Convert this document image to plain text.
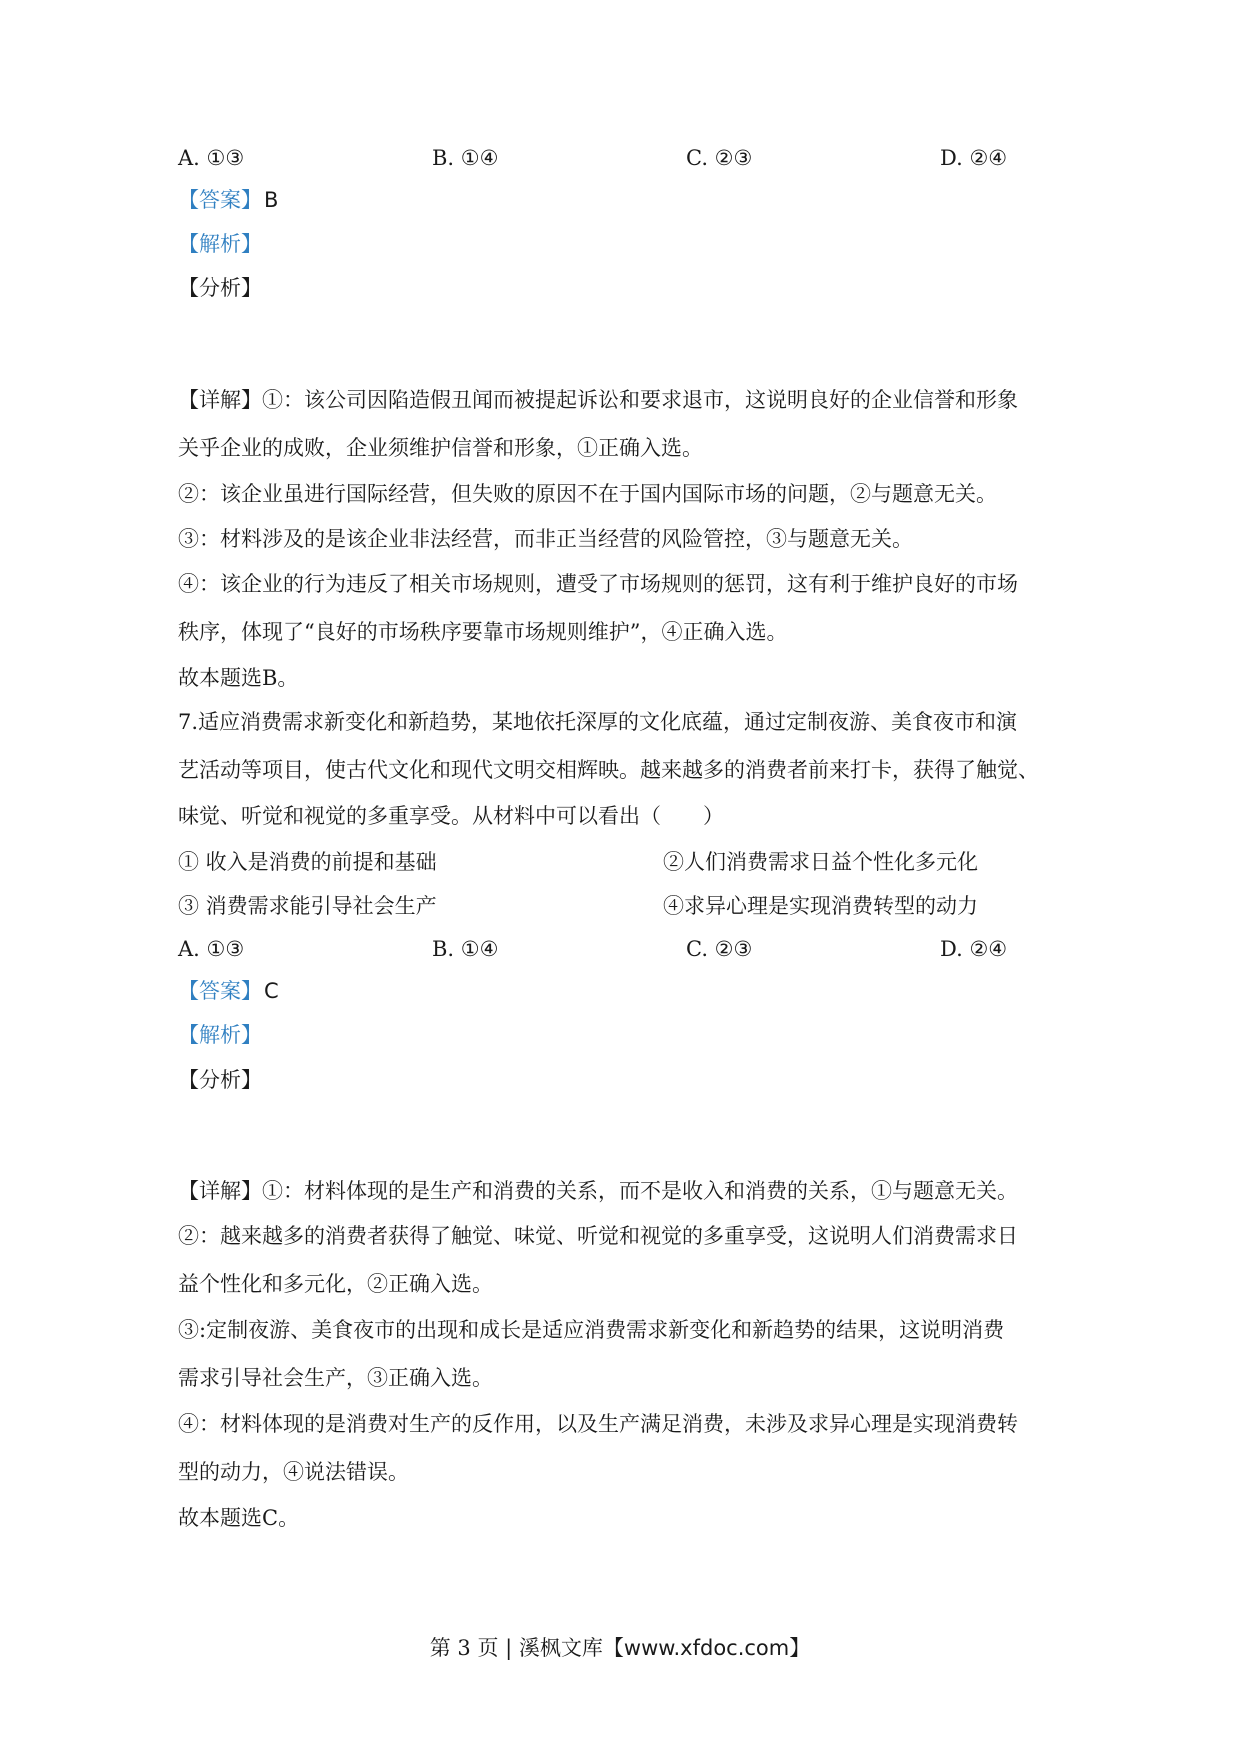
A. ①③	B. ①④	C. ②③	D. ②④
【答案】B
【解析】
【分析】
【详解】①：该公司因陷造假丑闻而被提起诉讼和要求退市，这说明良好的企业信誉和形象
关乎企业的成败，企业须维护信誉和形象，①正确入选。
②：该企业虽进行国际经营，但失败的原因不在于国内国际市场的问题，②与题意无关。
③：材料涉及的是该企业非法经营，而非正当经营的风险管控，③与题意无关。
④：该企业的行为违反了相关市场规则，遭受了市场规则的惩罚，这有利于维护良好的市场
秩序，体现了“良好的市场秩序要靠市场规则维护”，④正确入选。
故本题选B。
7.适应消费需求新变化和新趋势，某地依托深厚的文化底蕴，通过定制夜游、美食夜市和演
艺活动等项目，使古代文化和现代文明交相辉映。越来越多的消费者前来打卡，获得了触觉、
味觉、听觉和视觉的多重享受。从材料中可以看出（　　）
① 收入是消费的前提和基础	②人们消费需求日益个性化多元化
③ 消费需求能引导社会生产	④求异心理是实现消费转型的动力
A. ①③	B. ①④	C. ②③	D. ②④
【答案】C
【解析】
【分析】
【详解】①：材料体现的是生产和消费的关系，而不是收入和消费的关系，①与题意无关。
②：越来越多的消费者获得了触觉、味觉、听觉和视觉的多重享受，这说明人们消费需求日
益个性化和多元化，②正确入选。
③:定制夜游、美食夜市的出现和成长是适应消费需求新变化和新趋势的结果，这说明消费
需求引导社会生产，③正确入选。
④：材料体现的是消费对生产的反作用，以及生产满足消费，未涉及求异心理是实现消费转
型的动力，④说法错误。
故本题选C。
第 3 页 | 溪枫文库【www.xfdoc.com】
